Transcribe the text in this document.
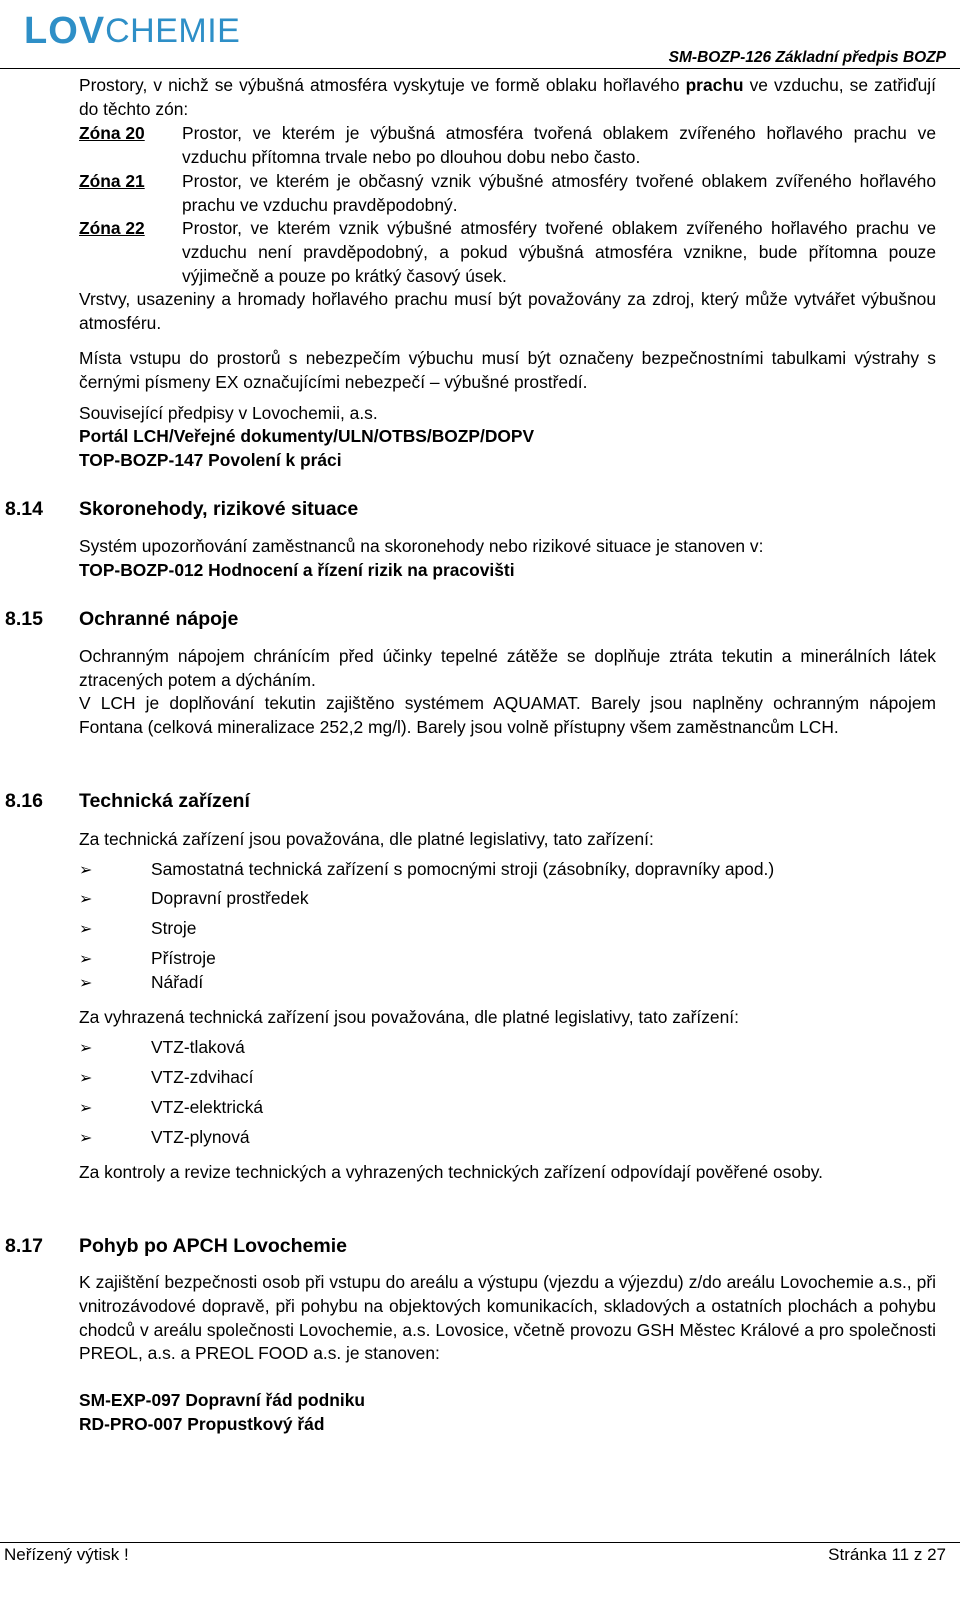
LOV CHEMIE
SM-BOZP-126 Základní předpis BOZP
Prostory, v nichž se výbušná atmosféra vyskytuje ve formě oblaku hořlavého prachu ve vzduchu, se zatřiďují do těchto zón:
Zóna 20 Prostor, ve kterém je výbušná atmosféra tvořená oblakem zvířeného hořlavého prachu ve vzduchu přítomna trvale nebo po dlouhou dobu nebo často.
Zóna 21 Prostor, ve kterém je občasný vznik výbušné atmosféry tvořené oblakem zvířeného hořlavého prachu ve vzduchu pravděpodobný.
Zóna 22 Prostor, ve kterém vznik výbušné atmosféry tvořené oblakem zvířeného hořlavého prachu ve vzduchu není pravděpodobný, a pokud výbušná atmosféra vznikne, bude přítomna pouze výjimečně a pouze po krátký časový úsek.
Vrstvy, usazeniny a hromady hořlavého prachu musí být považovány za zdroj, který může vytvářet výbušnou atmosféru.
Místa vstupu do prostorů s nebezpečím výbuchu musí být označeny bezpečnostními tabulkami výstrahy s černými písmeny EX označujícími nebezpečí – výbušné prostředí.
Související předpisy v Lovochemii, a.s.
Portál LCH/Veřejné dokumenty/ULN/OTBS/BOZP/DOPV
TOP-BOZP-147 Povolení k práci
8.14 Skoronehody, rizikové situace
Systém upozorňování zaměstnanců na skoronehody nebo rizikové situace je stanoven v:
TOP-BOZP-012 Hodnocení a řízení rizik na pracovišti
8.15 Ochranné nápoje
Ochranným nápojem chránícím před účinky tepelné zátěže se doplňuje ztráta tekutin a minerálních látek ztracených potem a dýcháním.
V LCH je doplňování tekutin zajištěno systémem AQUAMAT. Barely jsou naplněny ochranným nápojem Fontana (celková mineralizace 252,2 mg/l). Barely jsou volně přístupny všem zaměstnancům LCH.
8.16 Technická zařízení
Za technická zařízení jsou považována, dle platné legislativy, tato zařízení:
➢	Samostatná technická zařízení s pomocnými stroji (zásobníky, dopravníky apod.)
➢	Dopravní prostředek
➢	Stroje
➢	Přístroje
➢	Nářadí
Za vyhrazená technická zařízení jsou považována, dle platné legislativy, tato zařízení:
➢	VTZ-tlaková
➢	VTZ-zdvihací
➢	VTZ-elektrická
➢	VTZ-plynová
Za kontroly a revize technických a vyhrazených technických zařízení odpovídají pověřené osoby.
8.17 Pohyb po APCH Lovochemie
K zajištění bezpečnosti osob při vstupu do areálu a výstupu (vjezdu a výjezdu) z/do areálu Lovochemie a.s., při vnitrozávodové dopravě, při pohybu na objektových komunikacích, skladových a ostatních plochách a pohybu chodců v areálu společnosti Lovochemie, a.s. Lovosice, včetně provozu GSH Městec Králové a pro společnosti PREOL, a.s. a PREOL FOOD a.s. je stanoven:
SM-EXP-097 Dopravní řád podniku
RD-PRO-007 Propustkový řád
Neřízený výtisk !	Stránka 11 z 27
